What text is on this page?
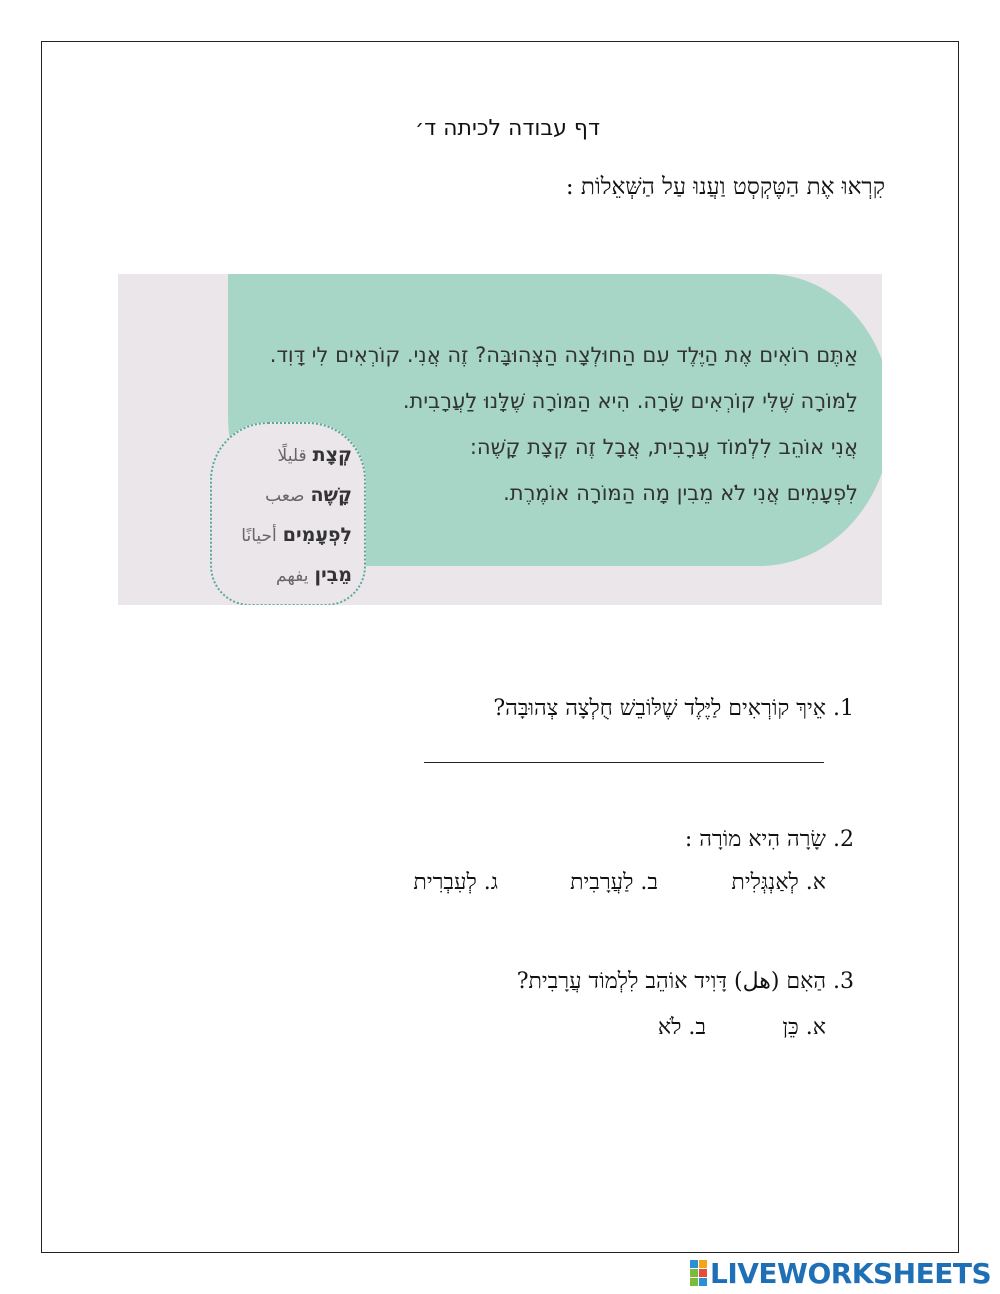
דף עבודה לכיתה ד׳
קִרְאוּ אֶת הַטֶּקְסְט וַעֲנוּ עַל הַשְּׁאֵלוֹת :
אַתֶּם רוֹאִים אֶת הַיֶּלֶד עִם הַחוּלְצָה הַצְּהוּבָּה? זֶה אֲנִי. קוֹרְאִים לִי דָּוִד.
לַמּוֹרָה שֶׁלִּי קוֹרְאִים שָׂרָה. הִיא הַמּוֹרָה שֶׁלָּנוּ לַעֲרָבִית.
אֲנִי אוֹהֵב לִלְמוֹד עֲרָבִית, אֲבָל זֶה קְצָת קָשֶׁה:
לִפְעָמִים אֲנִי לֹא מֵבִין מָה הַמּוֹרָה אוֹמֶרֶת.
קְצָת قليلًا
קָשֶׁה صعب
לִפְעָמִים أحيانًا
מֵבִין يفهم
1. אֵיךְ קוֹרְאִים לַיֶּלֶד שֶׁלּוֹבֵשׁ חֻלְצָה צְהוּבָּה?
2. שָׂרָה הִיא מוֹרָה :
א. לְאַנְגְּלִית
ב. לַעֲרָבִית
ג. לְעִבְרִית
3. הַאִם (هل) דָּוִיד אוֹהֵב לִלְמוֹד עֲרָבִית?
א. כֵּן
ב. לֹא
LIVEWORKSHEETS
